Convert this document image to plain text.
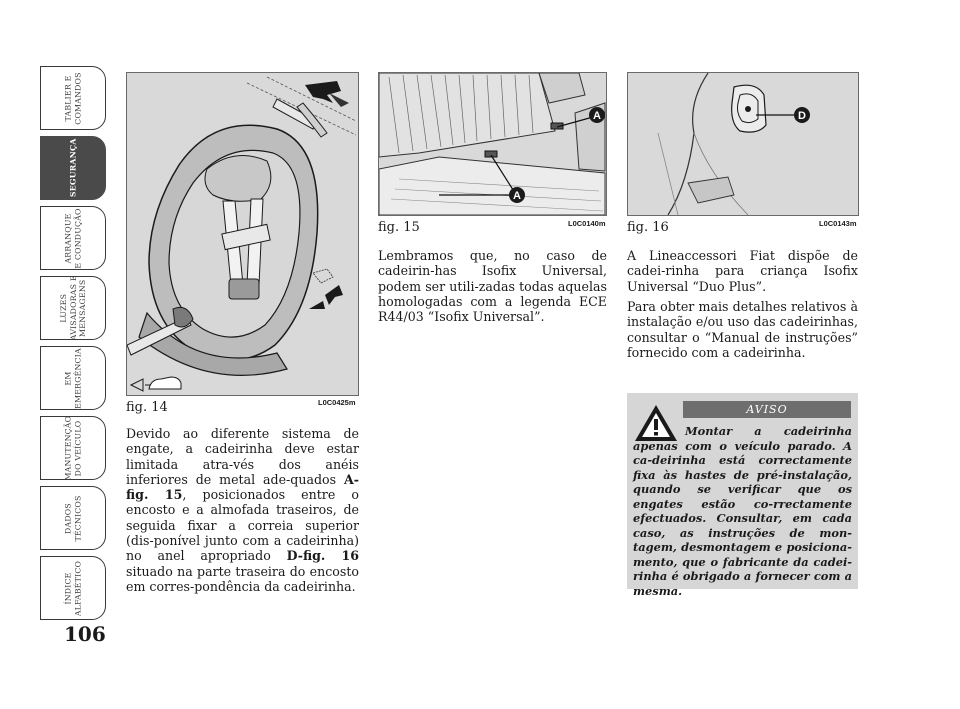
TABLIER E
COMANDOS
SEGURANÇA
ARRANQUE
E CONDUÇÃO
LUZES
AVISADORAS E
MENSAGENS
EM
EMERGÊNCIA
MANUTENÇÃO
DO VEÍCULO
DADOS
TÉCNICOS
ÍNDICE
ALFABÉTICO
106
fig. 14	L0C0425m
A
A
fig. 15	L0C0140m
D
fig. 16	L0C0143m

Devido ao diferente sistema de engate, a cadeirinha deve estar limitada atra-vés dos anéis inferiores de metal ade-quados A-fig. 15, posicionados entre o encosto e a almofada traseiros, de seguida fixar a correia superior (dis-ponível junto com a cadeirinha) no anel apropriado D-fig. 16 situado na parte traseira do encosto em corres-pondência da cadeirinha.

Lembramos que, no caso de cadeirin-has Isofix Universal, podem ser utili-zadas todas aquelas homologadas com a legenda ECE R44/03 “Isofix Universal”.

A Lineaccessori Fiat dispõe de cadei-rinha para criança Isofix Universal “Duo Plus”.

Para obter mais detalhes relativos à instalação e/ou uso das cadeirinhas, consultar o “Manual de instruções” fornecido com a cadeirinha.

AVISO

Montar a cadeirinha apenas com o veículo parado. A ca-deirinha está correctamente fixa às hastes de pré-instalação, quando se verificar que os engates estão co-rrectamente efectuados. Consultar, em cada caso, as instruções de mon-tagem, desmontagem e posiciona-mento, que o fabricante da cadei-rinha é obrigado a fornecer com a mesma.
